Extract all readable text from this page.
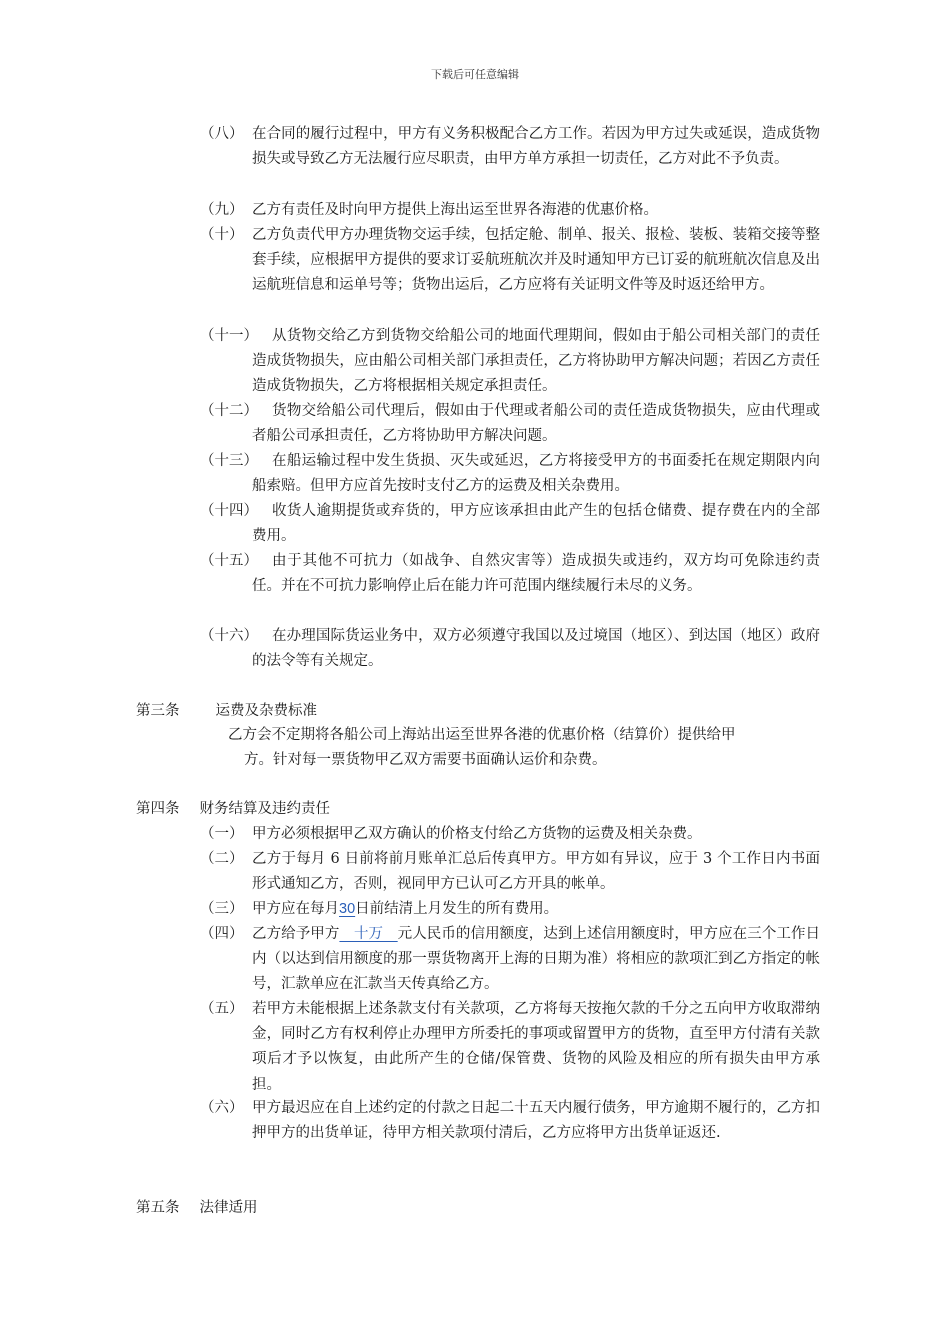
下载后可任意编辑
（八） 在合同的履行过程中，甲方有义务积极配合乙方工作。若因为甲方过失或延误，造成货物损失或导致乙方无法履行应尽职责，由甲方单方承担一切责任，乙方对此不予负责。
（九） 乙方有责任及时向甲方提供上海出运至世界各海港的优惠价格。
（十） 乙方负责代甲方办理货物交运手续，包括定舱、制单、报关、报检、装板、装箱交接等整套手续，应根据甲方提供的要求订妥航班航次并及时通知甲方已订妥的航班航次信息及出运航班信息和运单号等；货物出运后，乙方应将有关证明文件等及时返还给甲方。
（十一） 从货物交给乙方到货物交给船公司的地面代理期间，假如由于船公司相关部门的责任造成货物损失，应由船公司相关部门承担责任，乙方将协助甲方解决问题；若因乙方责任造成货物损失，乙方将根据相关规定承担责任。
（十二） 货物交给船公司代理后，假如由于代理或者船公司的责任造成货物损失，应由代理或者船公司承担责任，乙方将协助甲方解决问题。
（十三） 在船运输过程中发生货损、灭失或延迟，乙方将接受甲方的书面委托在规定期限内向船索赔。但甲方应首先按时支付乙方的运费及相关杂费用。
（十四） 收货人逾期提货或弃货的，甲方应该承担由此产生的包括仓储费、提存费在内的全部费用。
（十五） 由于其他不可抗力（如战争、自然灾害等）造成损失或违约，双方均可免除违约责任。并在不可抗力影响停止后在能力许可范围内继续履行未尽的义务。
（十六） 在办理国际货运业务中，双方必须遵守我国以及过境国（地区）、到达国（地区）政府的法令等有关规定。
第三条 运费及杂费标准
乙方会不定期将各船公司上海站出运至世界各港的优惠价格（结算价）提供给甲
方。针对每一票货物甲乙双方需要书面确认运价和杂费。
第四条 财务结算及违约责任
（一） 甲方必须根据甲乙双方确认的价格支付给乙方货物的运费及相关杂费。
（二） 乙方于每月 6 日前将前月账单汇总后传真甲方。甲方如有异议，应于 3 个工作日内书面形式通知乙方，否则，视同甲方已认可乙方开具的帐单。
（三） 甲方应在每月30日前结清上月发生的所有费用。
（四） 乙方给予甲方　十万　元人民币的信用额度，达到上述信用额度时，甲方应在三个工作日内（以达到信用额度的那一票货物离开上海的日期为准）将相应的款项汇到乙方指定的帐号，汇款单应在汇款当天传真给乙方。
（五） 若甲方未能根据上述条款支付有关款项，乙方将每天按拖欠款的千分之五向甲方收取滞纳金，同时乙方有权利停止办理甲方所委托的事项或留置甲方的货物，直至甲方付清有关款项后才予以恢复，由此所产生的仓储/保管费、货物的风险及相应的所有损失由甲方承担。
（六） 甲方最迟应在自上述约定的付款之日起二十五天内履行债务，甲方逾期不履行的，乙方扣押甲方的出货单证，待甲方相关款项付清后，乙方应将甲方出货单证返还.
第五条 法律适用
